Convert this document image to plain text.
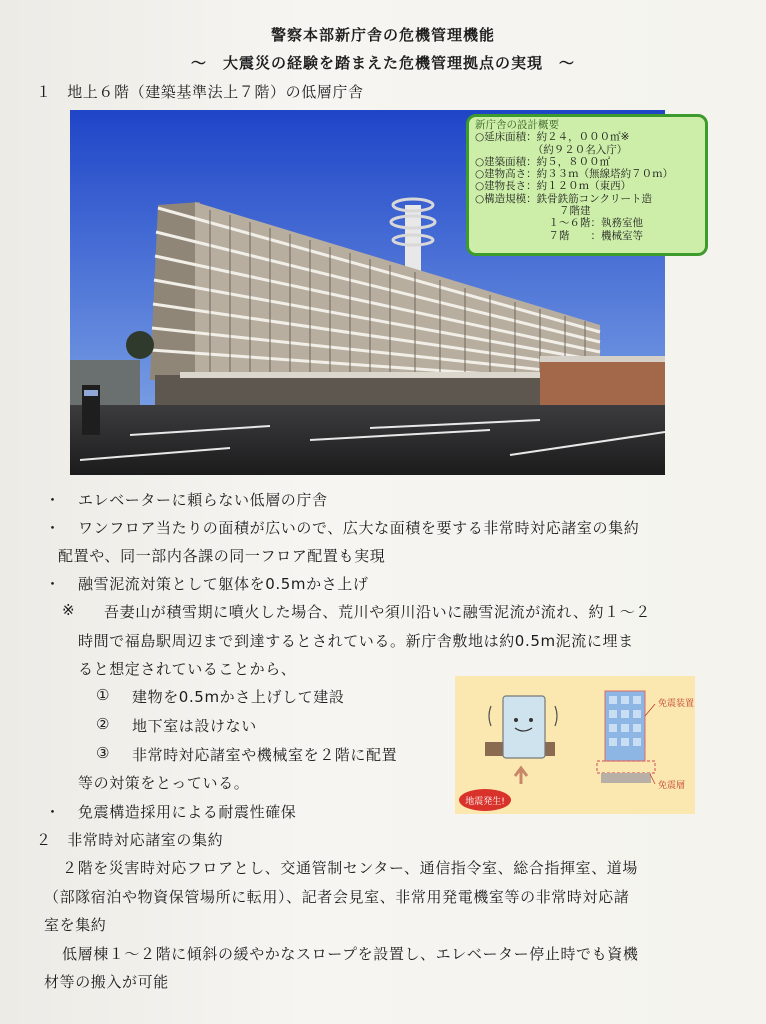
警察本部新庁舎の危機管理機能
～　大震災の経験を踏まえた危機管理拠点の実現　～
１　地上６階（建築基準法上７階）の低層庁舎
新庁舎の設計概要
○延床面積：約２４，０００㎡※
　　　　　　（約９２０名入庁）
○建築面積：約５，８００㎡
○建物高さ：約３３ｍ（無線塔約７０ｍ）
○建物長さ：約１２０ｍ（東西）
○構造規模：鉄骨鉄筋コンクリート造
　　　　　　　　７階建
　　　　　　　１～６階：執務室他
　　　　　　　７階　　：機械室等
・ エレベーターに頼らない低層の庁舎
・ ワンフロア当たりの面積が広いので、広大な面積を要する非常時対応諸室の集約
配置や、同一部内各課の同一フロア配置も実現
・ 融雪泥流対策として躯体を0.5mかさ上げ
※ 吾妻山が積雪期に噴火した場合、荒川や須川沿いに融雪泥流が流れ、約１～２
時間で福島駅周辺まで到達するとされている。新庁舎敷地は約0.5m泥流に埋ま
ると想定されていることから、
① 建物を0.5mかさ上げして建設
② 地下室は設けない
③ 非常時対応諸室や機械室を２階に配置
等の対策をとっている。
地震発生!
免震装置
免震層
・ 免震構造採用による耐震性確保
２　非常時対応諸室の集約
２階を災害時対応フロアとし、交通管制センター、通信指令室、総合指揮室、道場
（部隊宿泊や物資保管場所に転用）、記者会見室、非常用発電機室等の非常時対応諸
室を集約
低層棟１～２階に傾斜の緩やかなスロープを設置し、エレベーター停止時でも資機
材等の搬入が可能
